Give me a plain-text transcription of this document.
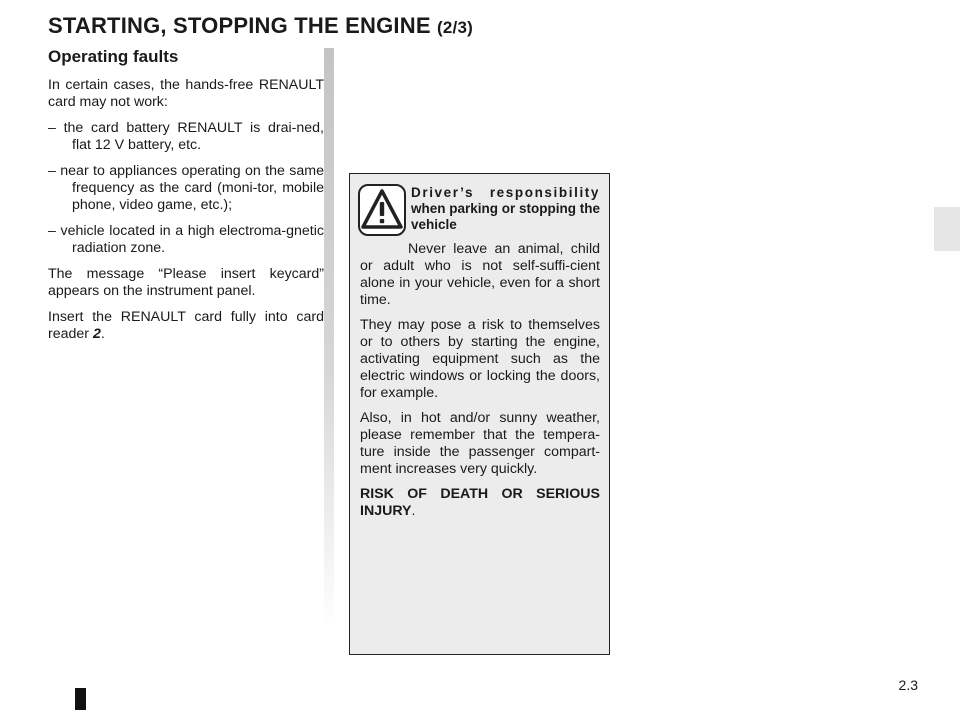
STARTING, STOPPING THE ENGINE (2/3)
Operating faults

In certain cases, the hands-free RENAULT card may not work:

– the card battery RENAULT is drai-ned, flat 12 V battery, etc.
– near to appliances operating on the same frequency as the card (moni-tor, mobile phone, video game, etc.);
– vehicle located in a high electroma-gnetic radiation zone.

The message “Please insert keycard” appears on the instrument panel.

Insert the RENAULT card fully into card reader 2.

Driver’s responsibility
when parking or stopping the vehicle

Never leave an animal, child or adult who is not self-suffi-cient alone in your vehicle, even for a short time.

They may pose a risk to themselves or to others by starting the engine, activating equipment such as the electric windows or locking the doors, for example.

Also, in hot and/or sunny weather, please remember that the tempera-ture inside the passenger compart-ment increases very quickly.

RISK OF DEATH OR SERIOUS INJURY.

2.3
